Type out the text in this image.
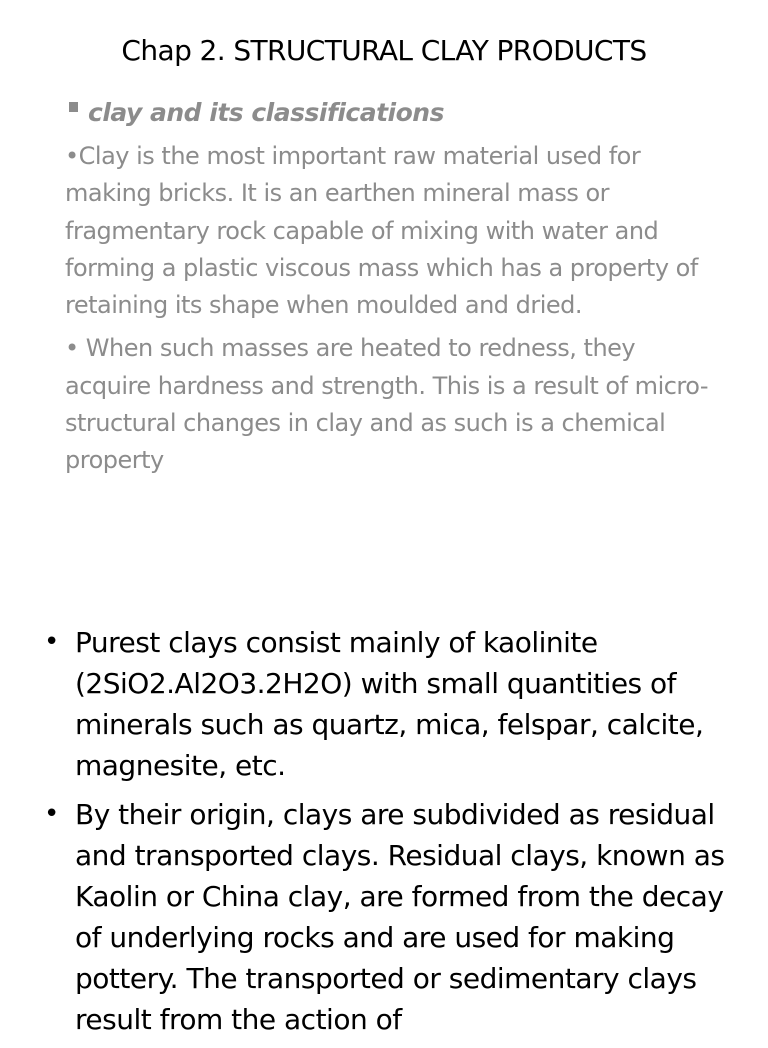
Chap 2. STRUCTURAL CLAY PRODUCTS
clay and its classifications

•Clay is the most important raw material used for making bricks. It is an earthen mineral mass or fragmentary rock capable of mixing with water and forming a plastic viscous mass which has a property of retaining its shape when moulded and dried.

• When such masses are heated to redness, they acquire hardness and strength. This is a result of micro-structural changes in clay and as such is a chemical property

• Purest clays consist mainly of kaolinite (2SiO2.Al2O3.2H2O) with small quantities of minerals such as quartz, mica, felspar, calcite, magnesite, etc.
• By their origin, clays are subdivided as residual and transported clays. Residual clays, known as Kaolin or China clay, are formed from the decay of underlying rocks and are used for making pottery. The transported or sedimentary clays result from the action of
